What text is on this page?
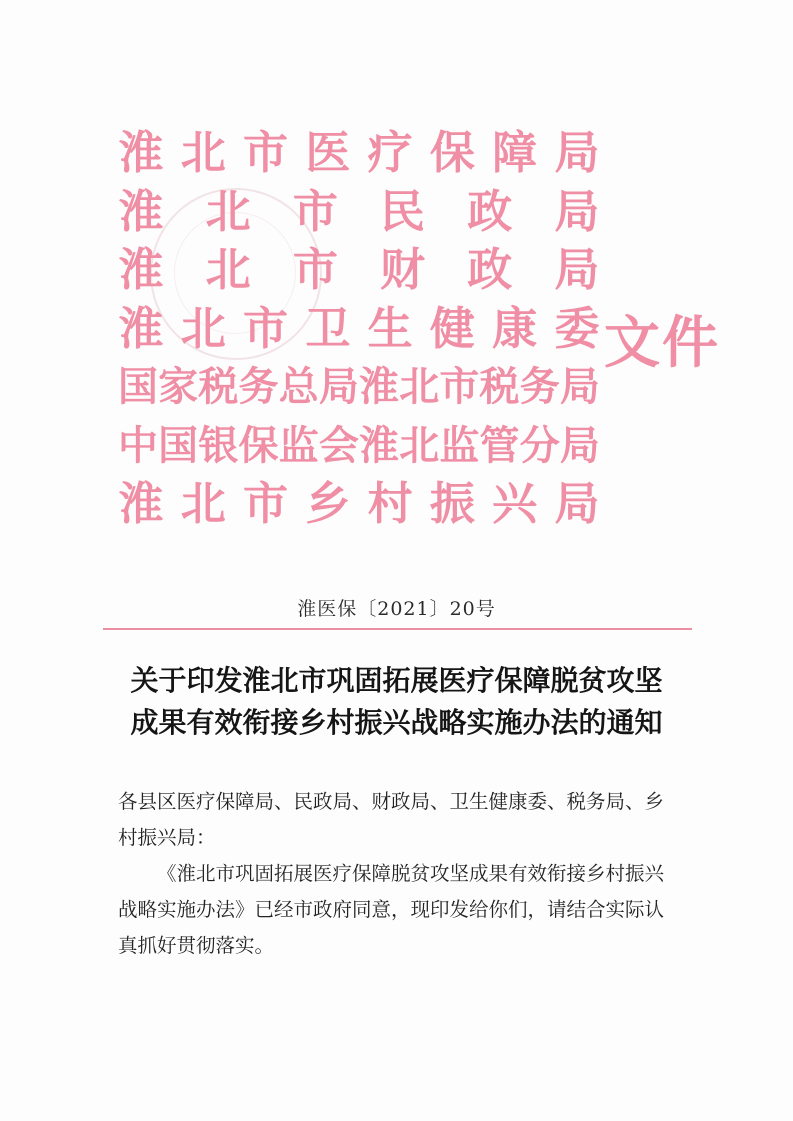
淮 北 市 医 疗 保 障 局
淮 北 市 民 政 局
淮 北 市 财 政 局
淮 北 市 卫 生 健 康 委
国 家 税 务 总 局 淮 北 市 税 务 局
中 国 银 保 监 会 淮 北 监 管 分 局
淮 北 市 乡 村 振 兴 局
文件
淮医保〔2021〕20号
关于印发淮北市巩固拓展医疗保障脱贫攻坚
成果有效衔接乡村振兴战略实施办法的通知

各县区医疗保障局、民政局、财政局、卫生健康委、税务局、乡村振兴局：

《淮北市巩固拓展医疗保障脱贫攻坚成果有效衔接乡村振兴战略实施办法》已经市政府同意，现印发给你们，请结合实际认真抓好贯彻落实。
